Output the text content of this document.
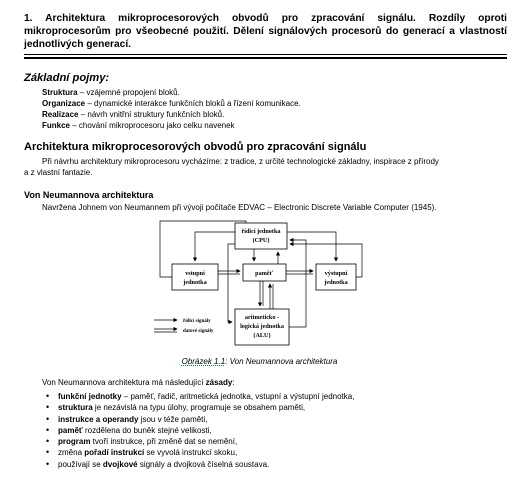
1. Architektura mikroprocesorových obvodů pro zpracování signálu. Rozdíly oproti mikroprocesorům pro všeobecné použití. Dělení signálových procesorů do generací a vlastností jednotlivých generací.
Základní pojmy:
Struktura – vzájemné propojení bloků.
Organizace – dynamické interakce funkčních bloků a řízení komunikace.
Realizace – návrh vnitřní struktury funkčních bloků.
Funkce – chování mikroprocesoru jako celku navenek
Architektura mikroprocesorových obvodů pro zpracování signálu
Při návrhu architektury mikroprocesoru vycházíme: z tradice, z určité technologické základny, inspirace z přírody
a z vlastní fantazie.
Von Neumannova architektura
Navržena Johnem von Neumannem při vývoji počítače EDVAC – Electronic Discrete Variable Computer (1945).
řídicí jednotka
(CPU)
vstupní
jednotka
paměť	výstupní
jednotka
aritmeticko -
logická jednotka
(ALU)
řídicí signály
datové signály
Obrázek 1.1: Von Neumannova architektura
Von Neumannova architektura má následující zásady:
• funkční jednotky – paměť, řadič, aritmetická jednotka, vstupní a výstupní jednotka,
• struktura je nezávislá na typu úlohy, programuje se obsahem paměti,
• instrukce a operandy jsou v téže paměti,
• paměť rozdělena do buněk stejné velikosti,
• program tvoří instrukce, při změně dat se nemění,
• změna pořadí instrukcí se vyvolá instrukcí skoku,
• používají se dvojkové signály a dvojková číselná soustava.
